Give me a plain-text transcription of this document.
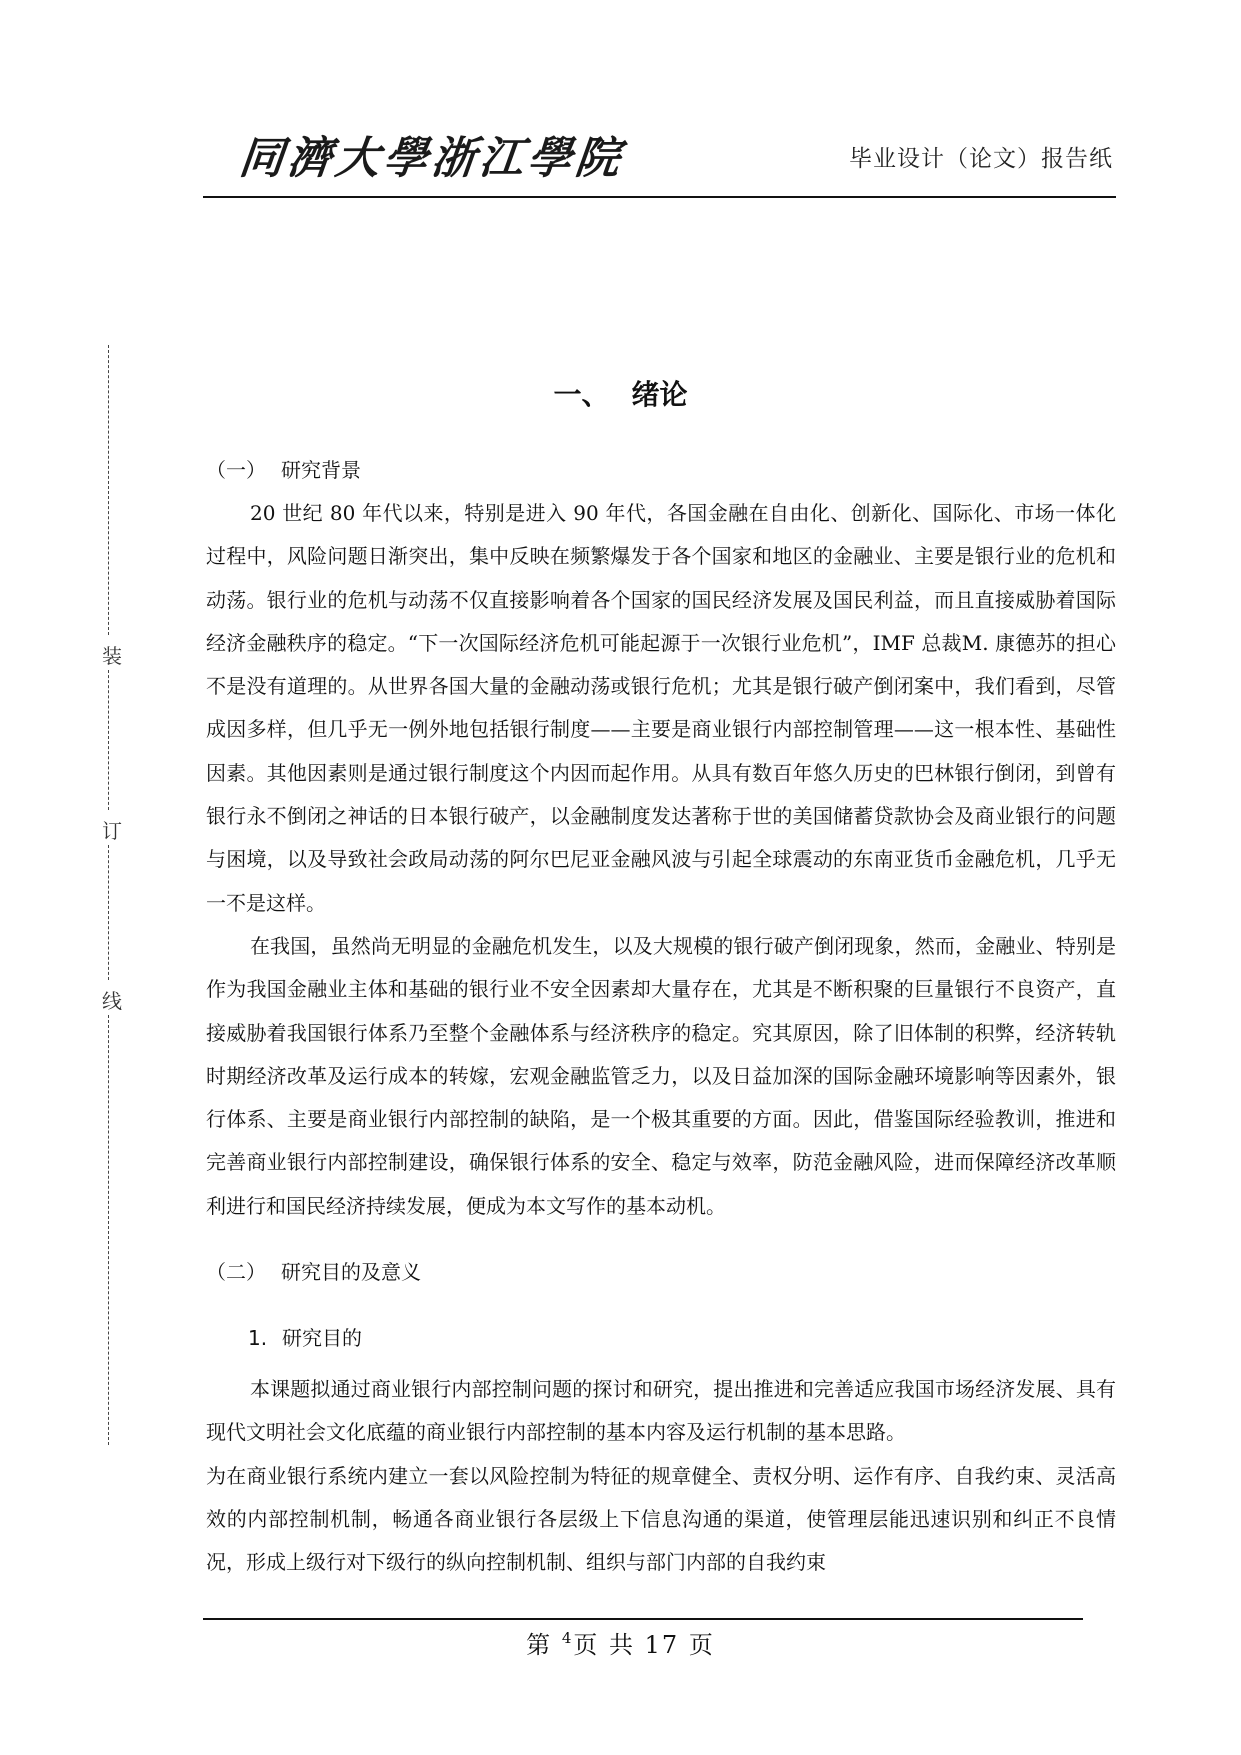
同濟大學浙江學院	毕业设计（论文）报告纸
装
订
线
一、 绪论
（一） 研究背景

20 世纪 80 年代以来，特别是进入 90 年代，各国金融在自由化、创新化、国际化、市场一体化过程中，风险问题日渐突出，集中反映在频繁爆发于各个国家和地区的金融业、主要是银行业的危机和动荡。银行业的危机与动荡不仅直接影响着各个国家的国民经济发展及国民利益，而且直接威胁着国际经济金融秩序的稳定。“下一次国际经济危机可能起源于一次银行业危机”，IMF 总裁M. 康德苏的担心不是没有道理的。从世界各国大量的金融动荡或银行危机；尤其是银行破产倒闭案中，我们看到，尽管成因多样，但几乎无一例外地包括银行制度——主要是商业银行内部控制管理——这一根本性、基础性因素。其他因素则是通过银行制度这个内因而起作用。从具有数百年悠久历史的巴林银行倒闭，到曾有银行永不倒闭之神话的日本银行破产，以金融制度发达著称于世的美国储蓄贷款协会及商业银行的问题与困境，以及导致社会政局动荡的阿尔巴尼亚金融风波与引起全球震动的东南亚货币金融危机，几乎无一不是这样。

在我国，虽然尚无明显的金融危机发生，以及大规模的银行破产倒闭现象，然而，金融业、特别是作为我国金融业主体和基础的银行业不安全因素却大量存在，尤其是不断积聚的巨量银行不良资产，直接威胁着我国银行体系乃至整个金融体系与经济秩序的稳定。究其原因，除了旧体制的积弊，经济转轨时期经济改革及运行成本的转嫁，宏观金融监管乏力，以及日益加深的国际金融环境影响等因素外，银行体系、主要是商业银行内部控制的缺陷，是一个极其重要的方面。因此，借鉴国际经验教训，推进和完善商业银行内部控制建设，确保银行体系的安全、稳定与效率，防范金融风险，进而保障经济改革顺利进行和国民经济持续发展，便成为本文写作的基本动机。

（二） 研究目的及意义
1. 研究目的

本课题拟通过商业银行内部控制问题的探讨和研究，提出推进和完善适应我国市场经济发展、具有现代文明社会文化底蕴的商业银行内部控制的基本内容及运行机制的基本思路。

为在商业银行系统内建立一套以风险控制为特征的规章健全、责权分明、运作有序、自我约束、灵活高效的内部控制机制，畅通各商业银行各层级上下信息沟通的渠道，使管理层能迅速识别和纠正不良情况，形成上级行对下级行的纵向控制机制、组织与部门内部的自我约束

第 $^4$页 共 17 页
